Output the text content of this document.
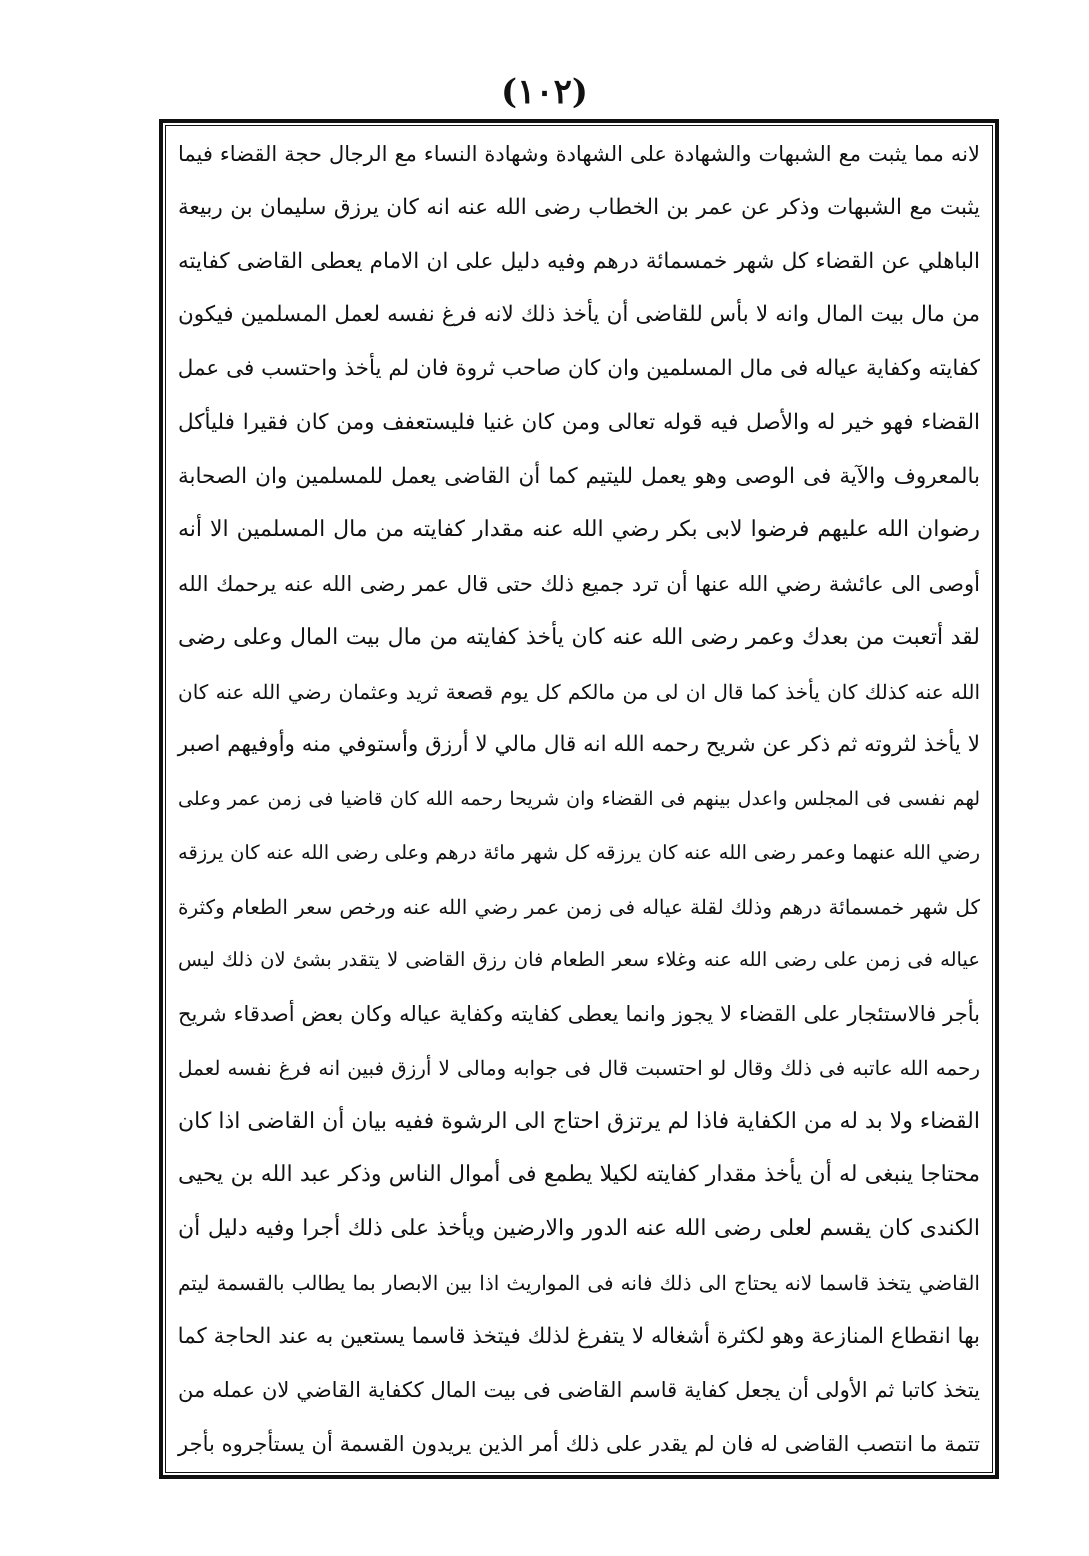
(١٠٢)
لانه مما يثبت مع الشبهات والشهادة على الشهادة وشهادة النساء مع الرجال حجة القضاء فيما
يثبت مع الشبهات وذكر عن عمر بن الخطاب رضى الله عنه انه كان يرزق سليمان بن ربيعة
الباهلي عن القضاء كل شهر خمسمائة درهم وفيه دليل على ان الامام يعطى القاضى كفايته
من مال بيت المال وانه لا بأس للقاضى أن يأخذ ذلك لانه فرغ نفسه لعمل المسلمين فيكون
كفايته وكفاية عياله فى مال المسلمين وان كان صاحب ثروة فان لم يأخذ واحتسب فى عمل
القضاء فهو خير له والأصل فيه قوله تعالى ومن كان غنيا فليستعفف ومن كان فقيرا فليأكل
بالمعروف والآية فى الوصى وهو يعمل لليتيم كما أن القاضى يعمل للمسلمين وان الصحابة
رضوان الله عليهم فرضوا لابى بكر رضي الله عنه مقدار كفايته من مال المسلمين الا أنه
أوصى الى عائشة رضي الله عنها أن ترد جميع ذلك حتى قال عمر رضى الله عنه يرحمك الله
لقد أتعبت من بعدك وعمر رضى الله عنه كان يأخذ كفايته من مال بيت المال وعلى رضى
الله عنه كذلك كان يأخذ كما قال ان لى من مالكم كل يوم قصعة ثريد وعثمان رضي الله عنه كان
لا يأخذ لثروته ثم ذكر عن شريح رحمه الله انه قال مالي لا أرزق وأستوفي منه وأوفيهم اصبر
لهم نفسى فى المجلس واعدل بينهم فى القضاء وان شريحا رحمه الله كان قاضيا فى زمن عمر وعلى
رضي الله عنهما وعمر رضى الله عنه كان يرزقه كل شهر مائة درهم وعلى رضى الله عنه كان يرزقه
كل شهر خمسمائة درهم وذلك لقلة عياله فى زمن عمر رضي الله عنه ورخص سعر الطعام وكثرة
عياله فى زمن على رضى الله عنه وغلاء سعر الطعام فان رزق القاضى لا يتقدر بشئ لان ذلك ليس
بأجر فالاستئجار على القضاء لا يجوز وانما يعطى كفايته وكفاية عياله وكان بعض أصدقاء شريح
رحمه الله عاتبه فى ذلك وقال لو احتسبت قال فى جوابه ومالى لا أرزق فبين انه فرغ نفسه لعمل
القضاء ولا بد له من الكفاية فاذا لم يرتزق احتاج الى الرشوة ففيه بيان أن القاضى اذا كان
محتاجا ينبغى له أن يأخذ مقدار كفايته لكيلا يطمع فى أموال الناس وذكر عبد الله بن يحيى
الكندى كان يقسم لعلى رضى الله عنه الدور والارضين ويأخذ على ذلك أجرا وفيه دليل أن
القاضي يتخذ قاسما لانه يحتاج الى ذلك فانه فى المواريث اذا بين الابصار بما يطالب بالقسمة ليتم
بها انقطاع المنازعة وهو لكثرة أشغاله لا يتفرغ لذلك فيتخذ قاسما يستعين به عند الحاجة كما
يتخذ كاتبا ثم الأولى أن يجعل كفاية قاسم القاضى فى بيت المال ككفاية القاضي لان عمله من
تتمة ما انتصب القاضى له فان لم يقدر على ذلك أمر الذين يريدون القسمة أن يستأجروه بأجر
